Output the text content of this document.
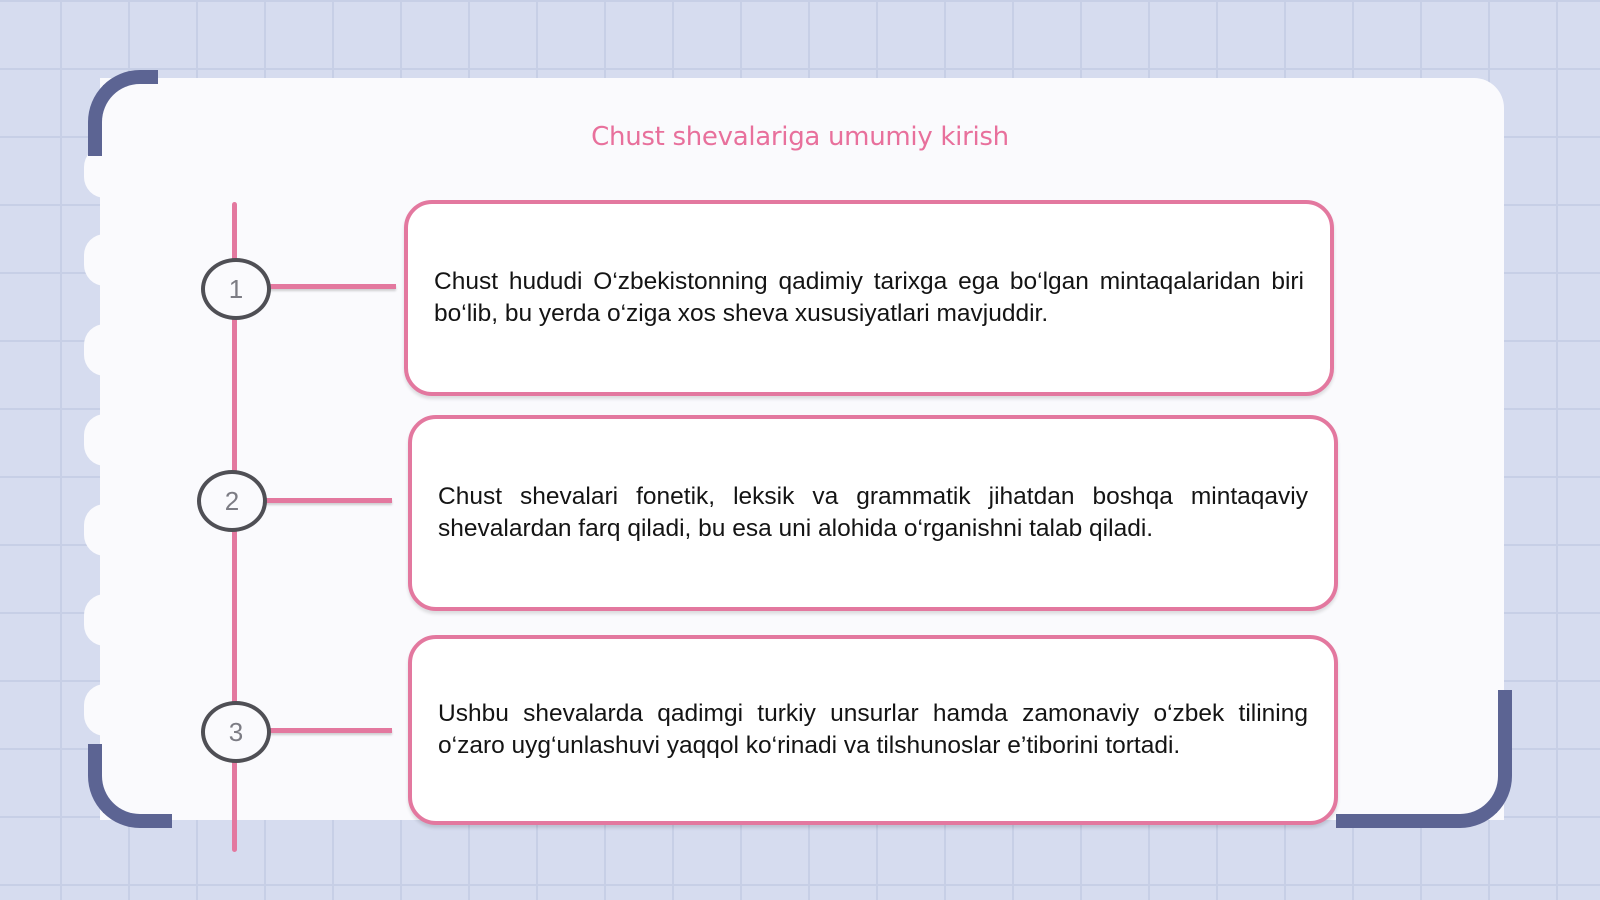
Chust shevalariga umumiy kirish
1
2
3

Chust hududi O‘zbekistonning qadimiy tarixga ega bo‘lgan mintaqalaridan biri bo‘lib, bu yerda o‘ziga xos sheva xususiyatlari mavjuddir.

Chust shevalari fonetik, leksik va grammatik jihatdan boshqa mintaqaviy shevalardan farq qiladi, bu esa uni alohida o‘rganishni talab qiladi.

Ushbu shevalarda qadimgi turkiy unsurlar hamda zamonaviy o‘zbek tilining o‘zaro uyg‘unlashuvi yaqqol ko‘rinadi va tilshunoslar e’tiborini tortadi.
